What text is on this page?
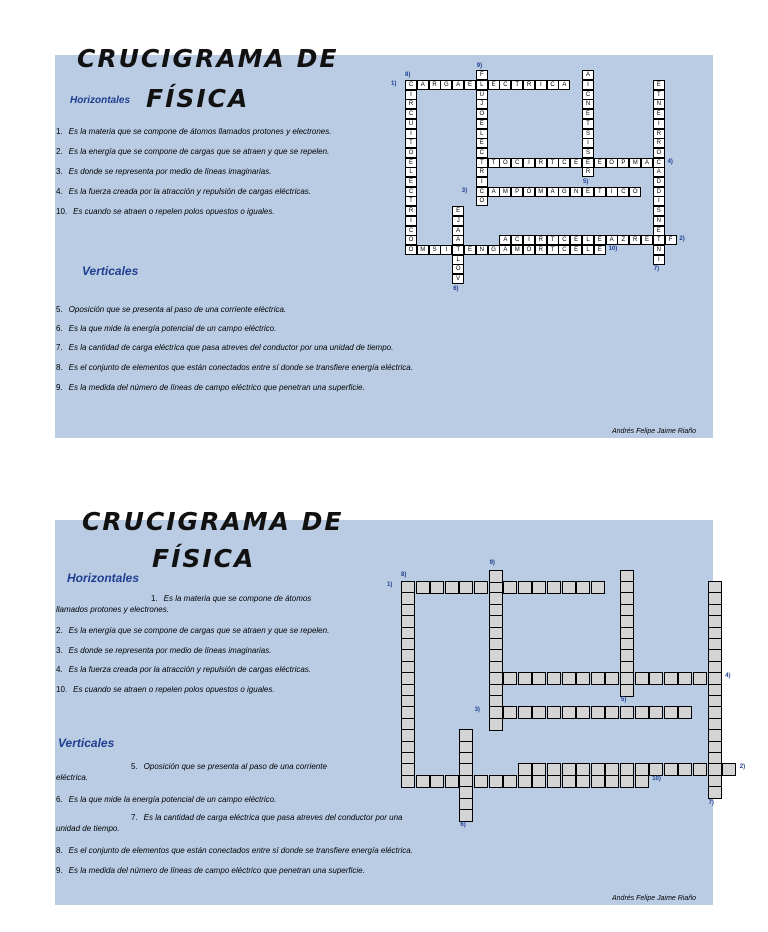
CRUCIGRAMA DE
FÍSICA
Horizontales
1. Es la materia que se compone de átomos llamados protones y electrones.
2. Es la energía que se compone de cargas que se atraen y que se repelen.
3. Es donde se representa por medio de líneas imaginarias.
4. Es la fuerza creada por la atracción y repulsión de cargas eléctricas.
10. Es cuando se atraen o repelen polos opuestos o iguales.
Verticales
5. Oposición que se presenta al paso de una corriente eléctrica.
6. Es la que mide la energía potencial de un campo eléctrico.
7. Es la cantidad de carga eléctrica que pasa atreves del conductor por una unidad de tiempo.
8. Es el conjunto de elementos que están conectados entre sí donde se transfiere energía eléctrica.
9. Es la medida del número de líneas de campo eléctrico que penetran una superficie.
Andrés Felipe Jaime Riaño
C	A	R	G	A	E	L	E	C	T	R	I	C	A
1)
I
R
C
U
I
T
O
E
L
E
C
T
R
I
C
O
8)	F
U
J
O
E
L
E
C
T
R
I
C
O
9)
A
I
C
N
E
T
S
I
S
E
R
5)
E
T
N
E
I
R
R
O
C
A
D
D
I
S
N
E
T
N
I
7)
T	O	C	I	R	T	C	E	E	O	P	M	A	4)
A	M	P	O	M	A	G	N	E	T	I	C	O
3)
E
J
A
A
T
L
O
V
6)
A	C	I	R	T	C	E	L	E	A	Z	R	E	F	2)
O	M	S	I	E	N	G	A	M	O	R	T	C	E	L	E	10)
CRUCIGRAMA DE
FÍSICA
Horizontales
1. Es la materia que se compone de átomos
llamados protones y electrones.
2. Es la energía que se compone de cargas que se atraen y que se repelen.
3. Es donde se representa por medio de líneas imaginarias.
4. Es la fuerza creada por la atracción y repulsión de cargas eléctricas.
10. Es cuando se atraen o repelen polos opuestos o iguales.
Verticales
5. Oposición que se presenta al paso de una corriente
eléctrica.
6. Es la que mide la energía potencial de un campo eléctrico.
7. Es la cantidad de carga eléctrica que pasa atreves del conductor por una
unidad de tiempo.
8. Es el conjunto de elementos que están conectados entre sí donde se transfiere energía eléctrica.
9. Es la medida del número de líneas de campo eléctrico que penetran una superficie.
Andrés Felipe Jaime Riaño
1)
8)
9)
5)
7)
4)
3)
6)
2)
10)
